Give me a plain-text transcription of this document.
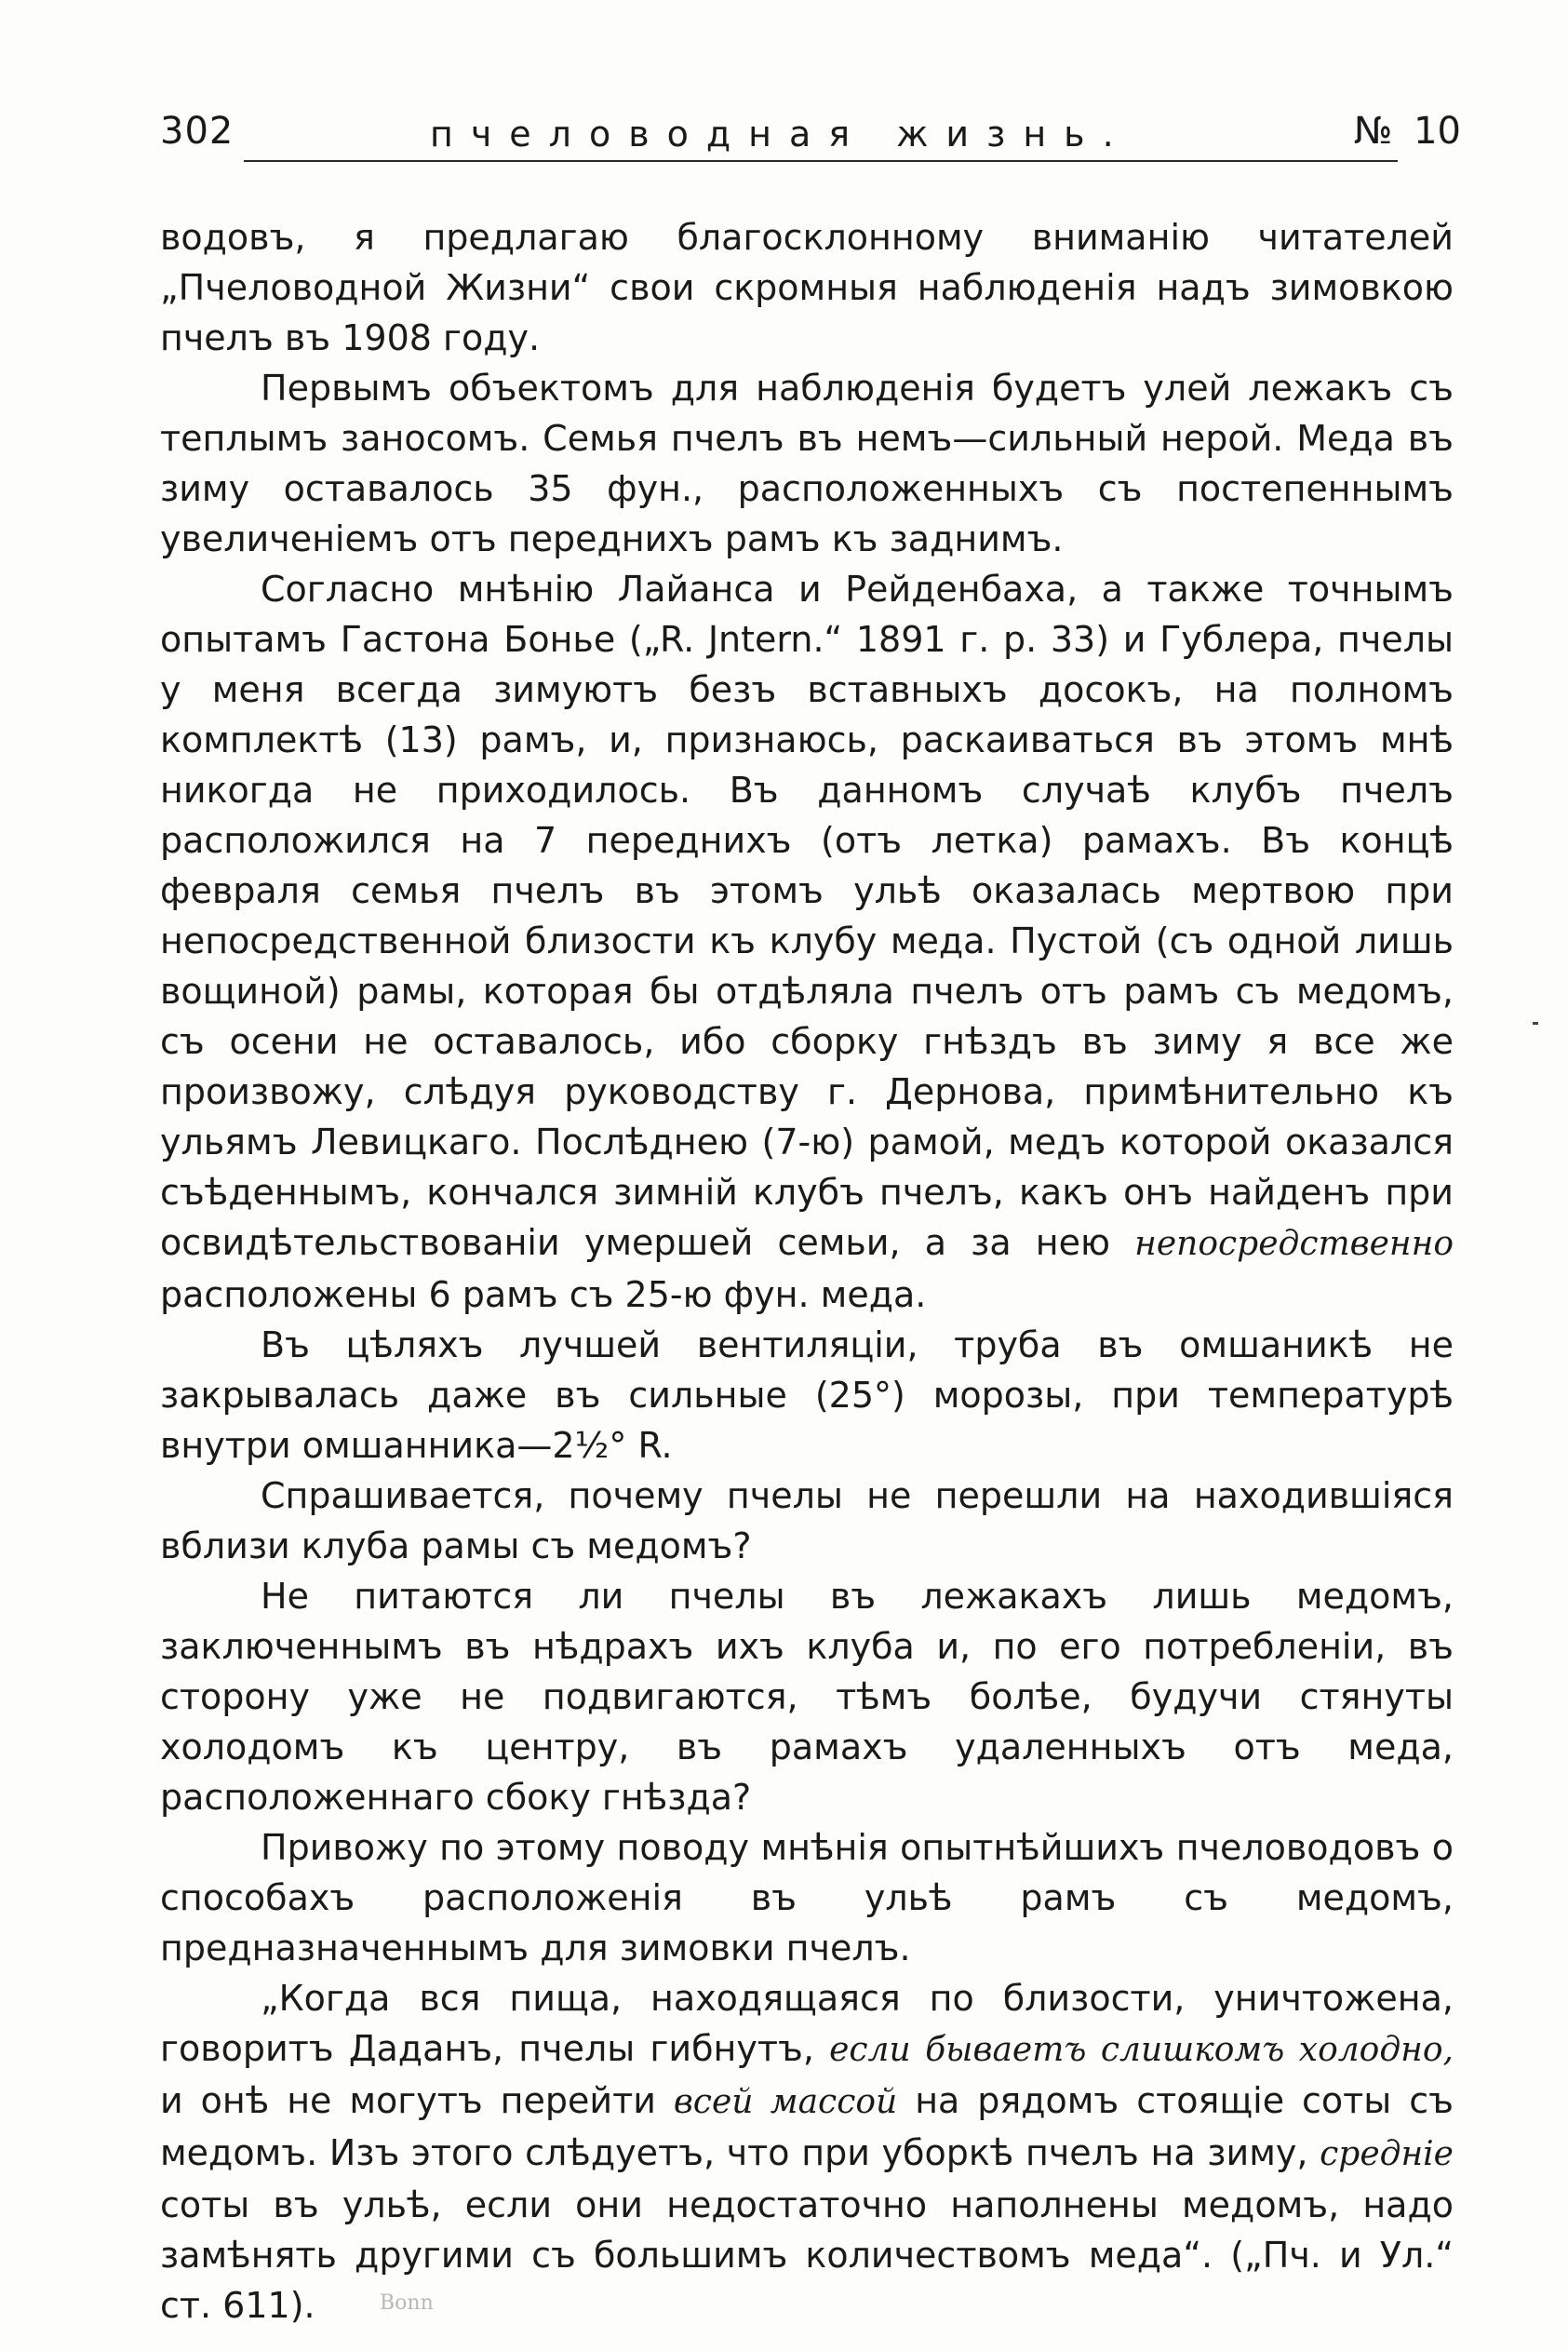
302	пчеловодная жизнь.	№ 10

водовъ, я предлагаю благосклонному вниманію читателей „Пчеловодной Жизни“ свои скромныя наблюденія надъ зимовкою пчелъ въ 1908 году.

Первымъ объектомъ для наблюденія будетъ улей лежакъ съ теплымъ заносомъ. Семья пчелъ въ немъ—сильный нерой. Меда въ зиму оставалось 35 фун., расположенныхъ съ постепеннымъ увеличеніемъ отъ переднихъ рамъ къ заднимъ.

Согласно мнѣнію Лайанса и Рейденбаха, а также точнымъ опытамъ Гастона Боньe („R. Jntern.“ 1891 г. р. 33) и Гублера, пчелы у меня всегда зимуютъ безъ вставныхъ досокъ, на полномъ комплектѣ (13) рамъ, и, признаюсь, раскаиваться въ этомъ мнѣ никогда не приходилось. Въ данномъ случаѣ клубъ пчелъ расположился на 7 переднихъ (отъ летка) рамахъ. Въ концѣ февраля семья пчелъ въ этомъ ульѣ оказалась мертвою при непосредственной близости къ клубу меда. Пустой (съ одной лишь вощиной) рамы, которая бы отдѣляла пчелъ отъ рамъ съ медомъ, съ осени не оставалось, ибо сборку гнѣздъ въ зиму я все же произвожу, слѣдуя руководству г. Дернова, примѣнительно къ ульямъ Левицкаго. Послѣднею (7-ю) рамой, медъ которой оказался съѣденнымъ, кончался зимній клубъ пчелъ, какъ онъ найденъ при освидѣтельствованіи умершей семьи, а за нею непосредственно расположены 6 рамъ съ 25-ю фун. меда.

Въ цѣляхъ лучшей вентиляціи, труба въ омшаникѣ не закрывалась даже въ сильные (25°) морозы, при температурѣ внутри омшанника—2½° R.

Спрашивается, почему пчелы не перешли на находившіяся вблизи клуба рамы съ медомъ?

Не питаются ли пчелы въ лежакахъ лишь медомъ, заключеннымъ въ нѣдрахъ ихъ клуба и, по его потребленіи, въ сторону уже не подвигаются, тѣмъ болѣе, будучи стянуты холодомъ къ центру, въ рамахъ удаленныхъ отъ меда, расположеннаго сбоку гнѣзда?

Привожу по этому поводу мнѣнія опытнѣйшихъ пчеловодовъ о способахъ расположенія въ ульѣ рамъ съ медомъ, предназначеннымъ для зимовки пчелъ.

„Когда вся пища, находящаяся по близости, уничтожена, говоритъ Даданъ, пчелы гибнутъ, если бываетъ слишкомъ холодно, и онѣ не могутъ перейти всей массой на рядомъ стоящіе соты съ медомъ. Изъ этого слѣдуетъ, что при уборкѣ пчелъ на зиму, средніе соты въ ульѣ, если они недостаточно наполнены медомъ, надо замѣнять другими съ большимъ количествомъ меда“. („Пч. и Ул.“ ст. 611).	Bonn
